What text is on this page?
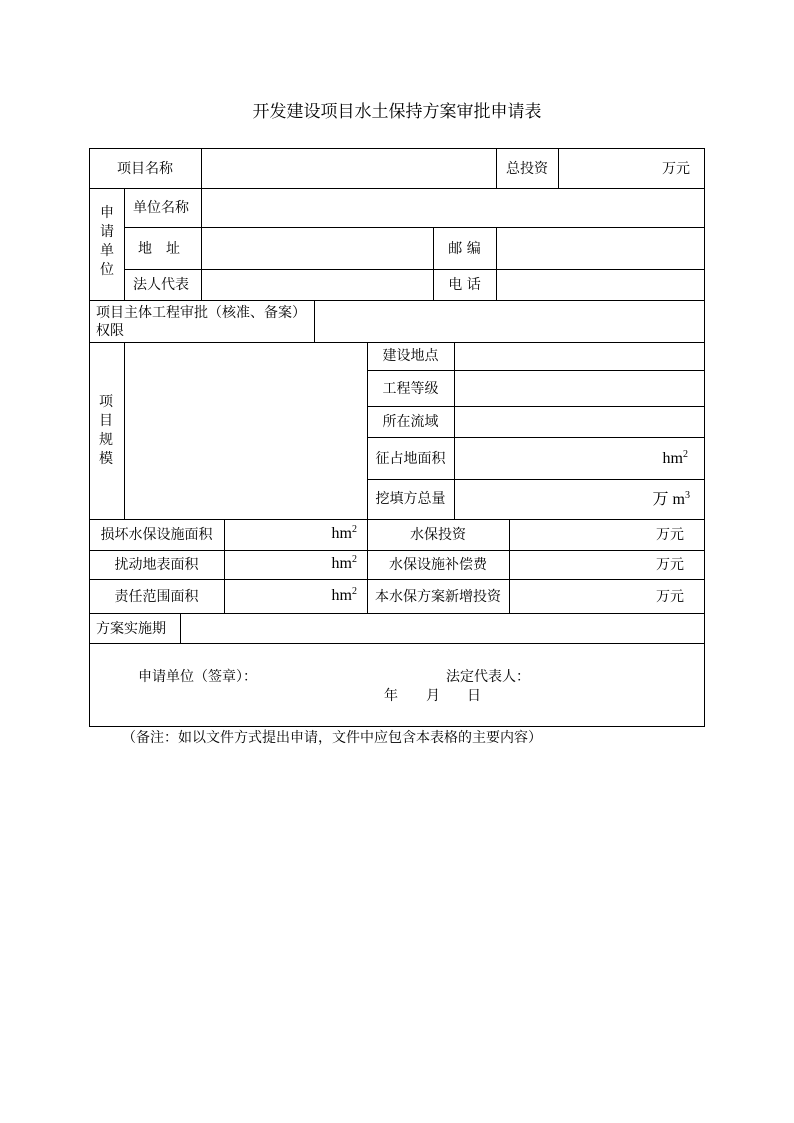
开发建设项目水土保持方案审批申请表
项目名称	总投资	万元
申
请
单
位
单位名称
地　址	邮 编
法人代表	电 话
项目主体工程审批（核准、备案）
权限
项
目
规
模
建设地点
工程等级
所在流域
征占地面积	$hm^2$
挖填方总量	万 $m^3$
损坏水保设施面积	$hm^2$	水保投资	万元
扰动地表面积	$hm^2$	水保设施补偿费	万元
责任范围面积	$hm^2$	本水保方案新增投资	万元
方案实施期
申请单位（签章）：	法定代表人：
年 月 日
（备注：如以文件方式提出申请，文件中应包含本表格的主要内容）
